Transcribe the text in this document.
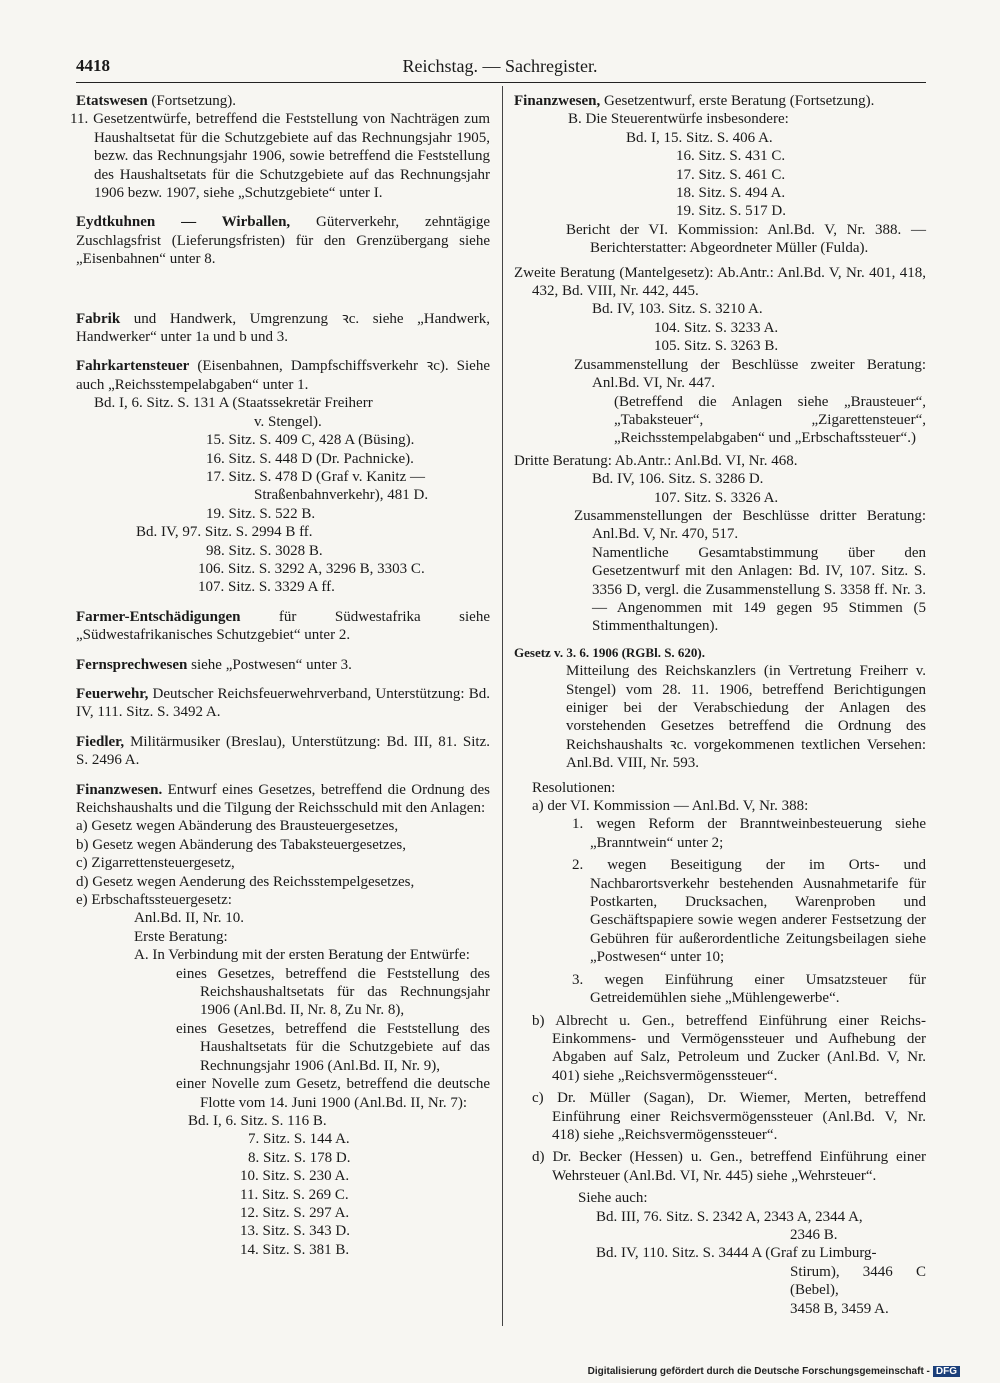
4418	Reichstag. — Sachregister.

Etatswesen (Fortsetzung).

11. Gesetzentwürfe, betreffend die Feststellung von Nachträgen zum Haushaltsetat für die Schutzgebiete auf das Rechnungsjahr 1905, bezw. das Rechnungsjahr 1906, sowie betreffend die Feststellung des Haushaltsetats für die Schutzgebiete auf das Rechnungsjahr 1906 bezw. 1907, siehe „Schutzgebiete“ unter I.

Eydtkuhnen — Wirballen, Güterverkehr, zehntägige Zuschlagsfrist (Lieferungsfristen) für den Grenzübergang siehe „Eisenbahnen“ unter 8.

Fabrik und Handwerk, Umgrenzung ꝛc. siehe „Handwerk, Handwerker“ unter 1a und b und 3.

Fahrkartensteuer (Eisenbahnen, Dampfschiffsverkehr ꝛc). Siehe auch „Reichsstempelabgaben“ unter 1.

Bd. I, 6. Sitz. S. 131 A (Staatssekretär Freiherr

v. Stengel).

15. Sitz. S. 409 C, 428 A (Büsing).

16. Sitz. S. 448 D (Dr. Pachnicke).

17. Sitz. S. 478 D (Graf v. Kanitz —

Straßenbahnverkehr), 481 D.

19. Sitz. S. 522 B.

Bd. IV, 97. Sitz. S. 2994 B ff.

98. Sitz. S. 3028 B.

106. Sitz. S. 3292 A, 3296 B, 3303 C.

107. Sitz. S. 3329 A ff.

Farmer-Entschädigungen für Südwestafrika siehe „Südwestafrikanisches Schutzgebiet“ unter 2.

Fernsprechwesen siehe „Postwesen“ unter 3.

Feuerwehr, Deutscher Reichsfeuerwehrverband, Unterstützung: Bd. IV, 111. Sitz. S. 3492 A.

Fiedler, Militärmusiker (Breslau), Unterstützung: Bd. III, 81. Sitz. S. 2496 A.

Finanzwesen. Entwurf eines Gesetzes, betreffend die Ordnung des Reichshaushalts und die Tilgung der Reichsschuld mit den Anlagen:

a) Gesetz wegen Abänderung des Brausteuergesetzes,

b) Gesetz wegen Abänderung des Tabaksteuergesetzes,

c) Zigarrettensteuergesetz,

d) Gesetz wegen Aenderung des Reichsstempelgesetzes,

e) Erbschaftssteuergesetz:

Anl.Bd. II, Nr. 10.

Erste Beratung:

A. In Verbindung mit der ersten Beratung der Entwürfe:

eines Gesetzes, betreffend die Feststellung des Reichshaushaltsetats für das Rechnungsjahr 1906 (Anl.Bd. II, Nr. 8, Zu Nr. 8),

eines Gesetzes, betreffend die Feststellung des Haushaltsetats für die Schutzgebiete auf das Rechnungsjahr 1906 (Anl.Bd. II, Nr. 9),

einer Novelle zum Gesetz, betreffend die deutsche Flotte vom 14. Juni 1900 (Anl.Bd. II, Nr. 7):

Bd. I, 6. Sitz. S. 116 B.

7. Sitz. S. 144 A.

8. Sitz. S. 178 D.

10. Sitz. S. 230 A.

11. Sitz. S. 269 C.

12. Sitz. S. 297 A.

13. Sitz. S. 343 D.

14. Sitz. S. 381 B.

Finanzwesen, Gesetzentwurf, erste Beratung (Fortsetzung).

B. Die Steuerentwürfe insbesondere:

Bd. I, 15. Sitz. S. 406 A.

16. Sitz. S. 431 C.

17. Sitz. S. 461 C.

18. Sitz. S. 494 A.

19. Sitz. S. 517 D.

Bericht der VI. Kommission: Anl.Bd. V, Nr. 388. — Berichterstatter: Abgeordneter Müller (Fulda).

Zweite Beratung (Mantelgesetz): Ab.Antr.: Anl.Bd. V, Nr. 401, 418, 432, Bd. VIII, Nr. 442, 445.

Bd. IV, 103. Sitz. S. 3210 A.

104. Sitz. S. 3233 A.

105. Sitz. S. 3263 B.

Zusammenstellung der Beschlüsse zweiter Beratung: Anl.Bd. VI, Nr. 447.

(Betreffend die Anlagen siehe „Brausteuer“, „Tabaksteuer“, „Zigarettensteuer“, „Reichsstempelabgaben“ und „Erbschaftssteuer“.)

Dritte Beratung: Ab.Antr.: Anl.Bd. VI, Nr. 468.

Bd. IV, 106. Sitz. S. 3286 D.

107. Sitz. S. 3326 A.

Zusammenstellungen der Beschlüsse dritter Beratung: Anl.Bd. V, Nr. 470, 517.

Namentliche Gesamtabstimmung über den Gesetzentwurf mit den Anlagen: Bd. IV, 107. Sitz. S. 3356 D, vergl. die Zusammenstellung S. 3358 ff. Nr. 3. — Angenommen mit 149 gegen 95 Stimmen (5 Stimmenthaltungen).

Gesetz v. 3. 6. 1906 (RGBl. S. 620).

Mitteilung des Reichskanzlers (in Vertretung Freiherr v. Stengel) vom 28. 11. 1906, betreffend Berichtigungen einiger bei der Verabschiedung der Anlagen des vorstehenden Gesetzes betreffend die Ordnung des Reichshaushalts ꝛc. vorgekommenen textlichen Versehen: Anl.Bd. VIII, Nr. 593.

Resolutionen:

a) der VI. Kommission — Anl.Bd. V, Nr. 388:

1. wegen Reform der Branntweinbesteuerung siehe „Branntwein“ unter 2;

2. wegen Beseitigung der im Orts- und Nachbarortsverkehr bestehenden Ausnahmetarife für Postkarten, Drucksachen, Warenproben und Geschäftspapiere sowie wegen anderer Festsetzung der Gebühren für außerordentliche Zeitungsbeilagen siehe „Postwesen“ unter 10;

3. wegen Einführung einer Umsatzsteuer für Getreidemühlen siehe „Mühlengewerbe“.

b) Albrecht u. Gen., betreffend Einführung einer Reichs-Einkommens- und Vermögenssteuer und Aufhebung der Abgaben auf Salz, Petroleum und Zucker (Anl.Bd. V, Nr. 401) siehe „Reichsvermögenssteuer“.

c) Dr. Müller (Sagan), Dr. Wiemer, Merten, betreffend Einführung einer Reichsvermögenssteuer (Anl.Bd. V, Nr. 418) siehe „Reichsvermögenssteuer“.

d) Dr. Becker (Hessen) u. Gen., betreffend Einführung einer Wehrsteuer (Anl.Bd. VI, Nr. 445) siehe „Wehrsteuer“.

Siehe auch:

Bd. III, 76. Sitz. S. 2342 A, 2343 A, 2344 A,

2346 B.

Bd. IV, 110. Sitz. S. 3444 A (Graf zu Limburg-

Stirum), 3446 C (Bebel),

3458 B, 3459 A.

Digitalisierung gefördert durch die Deutsche Forschungsgemeinschaft - DFG
